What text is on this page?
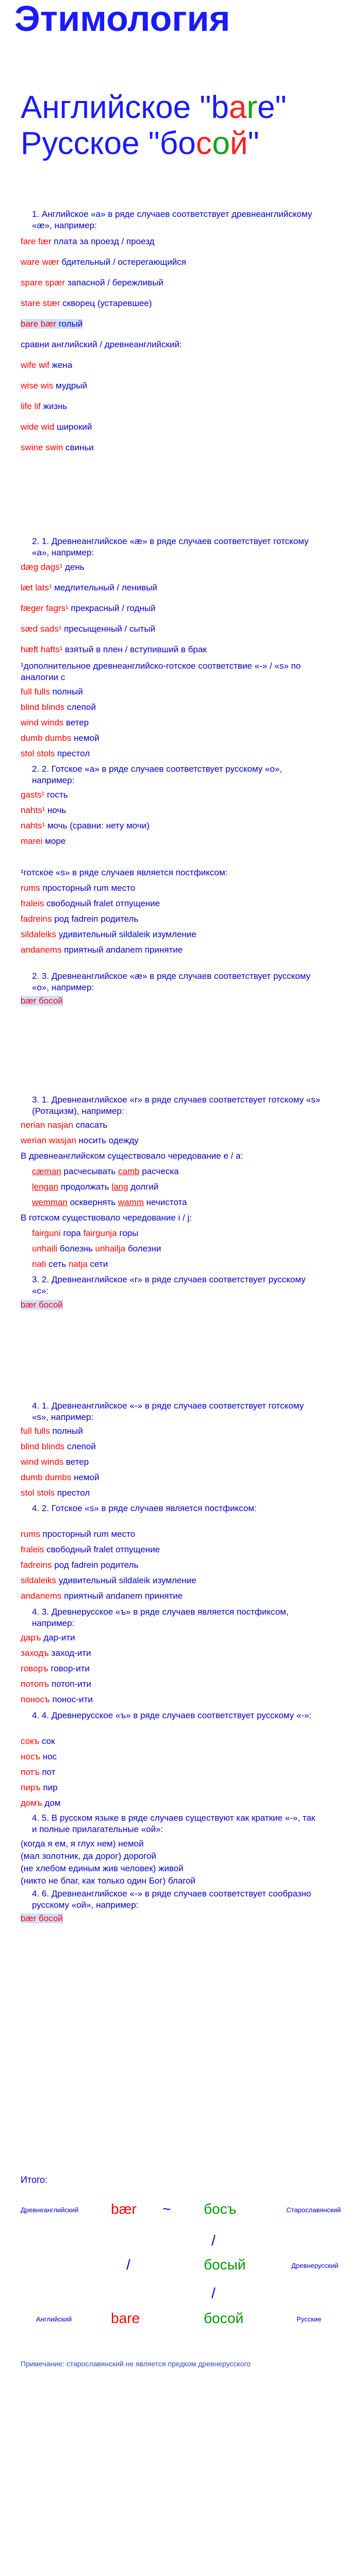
Этимология
Английское "bare"
Русское "босой"
1. Английское «a» в ряде случаев соответствует древнеанглийскому «æ», например:
fare fær плата за проезд / проезд
ware wær бдительный / остерегающийся
spare spær запасной / бережливый
stare stær скворец (устаревшее)
bare bær голый
сравни английский / древнеанглийский:
wife wif жена
wise wis мудрый
life lif жизнь
wide wid широкий
swine swin свиньи
2. 1. Древнеанглийское «æ» в ряде случаев соответствует готскому «a», например:
dæg dags¹ день
læt lats¹ медлительный / ленивый
fæger fagrs¹ прекрасный / годный
sæd sads¹ пресыщенный / сытый
hæft hafts¹ взятый в плен / вступивший в брак
¹дополнительное древнеанглийско-готское соответствие «-» / «s» по аналогии с
full fulls полный
blind blinds слепой
wind winds ветер
dumb dumbs немой
stol stols престол
2. 2. Готское «a» в ряде случаев соответствует русскому «о», например:
gasts¹ гость
nahts¹ ночь
nahts¹ мочь (сравни: нету мочи)
marei море
¹готское «s» в ряде случаев является постфиксом:
rums просторный rum место
fraleis свободный fralet отпущение
fadreins род fadrein родитель
sildaleiks удивительный sildaleik изумление
andanems приятный andanem принятие
2. 3. Древнеанглийское «æ» в ряде случаев соответствует русскому «о», например:
bær босой
3. 1. Древнеанглийское «r» в ряде случаев соответствует готскому «s» (Ротацизм), например:
nerian nasjan спасать
werian wasjan носить одежду
В древнеанглийском существовало чередование e / a:
cæman расчесывать camb расческа
lengan продолжать lang долгий
wemman осквернять wamm нечистота
В готском существовало чередование i / j:
fairguni гора fairgunja горы
unhaili болезнь unhailja болезни
nati сеть natja сети
3. 2. Древнеанглийское «r» в ряде случаев соответствует русскому «с»:
bær босой
4. 1. Древнеанглийское «-» в ряде случаев соответствует готскому «s», например:
full fulls полный
blind blinds слепой
wind winds ветер
dumb dumbs немой
stol stols престол
4. 2. Готское «s» в ряде случаев является постфиксом:
rums просторный rum место
fraleis свободный fralet отпущение
fadreins род fadrein родитель
sildaleiks удивительный sildaleik изумление
andanems приятный andanem принятие
4. 3. Древнерусское «ъ» в ряде случаев является постфиксом, например:
даръ дар-ити
заходъ заход-ити
говоръ говор-ити
потопъ потоп-ити
поносъ понос-ити
4. 4. Древнерусское «ъ» в ряде случаев соответствует русскому «-»:
сокъ сок
носъ нос
потъ пот
пиръ пир
домъ дом
4. 5. В русском языке в ряде случаев существуют как краткие «-», так и полные прилагательные «ой»:
(когда я ем, я глух нем) немой
(мал золотник, да дорог) дорогой
(не хлебом единым жив человек) живой
(никто не благ, как только один Бог) благой
4. 6. Древнеанглийское «-» в ряде случаев соответствует сообразно русскому «ой», например:
bær босой
Итого:
Древнеанглийский bær ~ босъ	Старославянский
/
/	босый	Древнерусский
/
Английский	bare	босой	Русские
Примечание: старославянский не является предком древнерусского
